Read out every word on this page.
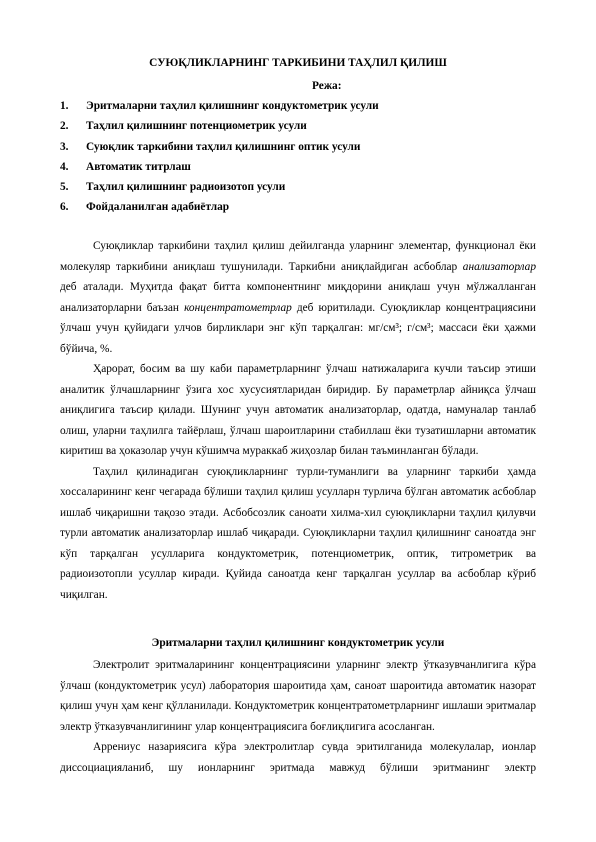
СУЮҚЛИКЛАРНИНГ ТАРКИБИНИ ТАҲЛИЛ ҚИЛИШ
Режа:
1.	Эритмаларни таҳлил қилишнинг кондуктометрик усули
2.	Таҳлил қилишнинг потенциометрик усули
3.	Суюқлик таркибини таҳлил қилишнинг оптик усули
4.	Автоматик титрлаш
5.	Таҳлил қилишнинг радиоизотоп усули
6.	Фойдаланилган адабиётлар

Суюқликлар таркибини таҳлил қилиш дейилганда уларнинг элементар, функционал ёки молекуляр таркибини аниқлаш тушунилади. Таркибни аниқлайдиган асбоблар анализаторлар деб аталади. Муҳитда фақат битта компонентнинг миқдорини аниқлаш учун мўлжалланган анализаторларни баъзан концентратометрлар деб юритилади. Суюқликлар концентрациясини ўлчаш учун қуйидаги улчов бирликлари энг кўп тарқалган: мг/см³; г/см³; массаси ёки ҳажми бўйича, %.

Ҳарорат, босим ва шу каби параметрларнинг ўлчаш натижаларига кучли таъсир этиши аналитик ўлчашларнинг ўзига хос хусусиятларидан биридир. Бу параметрлар айниқса ўлчаш аниқлигига таъсир қилади. Шунинг учун автоматик анализаторлар, одатда, намуналар танлаб олиш, уларни таҳлилга тайёрлаш, ўлчаш шароитларини стабиллаш ёки тузатишларни автоматик киритиш ва ҳоказолар учун кўшимча мураккаб жиҳозлар билан таъминланган бўлади.

Таҳлил қилинадиган суюқликларнинг турли-туманлиги ва уларнинг таркиби ҳамда хоссаларининг кенг чегарада бўлиши таҳлил қилиш усулларн турлича бўлган автоматик асбоблар ишлаб чиқаришни тақозо этади. Асбобсозлик саноати хилма-хил суюқликларни таҳлил қилувчи турли автоматик анализаторлар ишлаб чиқаради. Суюқликларни таҳлил қилишнинг саноатда энг кўп тарқалган усулларига кондуктометрик, потенциометрик, оптик, титрометрик ва радиоизотопли усуллар киради. Қуйида саноатда кенг тарқалган усуллар ва асбоблар кўриб чиқилган.

Эритмаларни таҳлил қилишнинг кондуктометрик усули

Электролит эритмаларининг концентрациясини уларнинг электр ўтказувчанлигига кўра ўлчаш (кондуктометрик усул) лаборатория шароитида ҳам, саноат шароитида автоматик назорат қилиш учун ҳам кенг қўлланилади. Кондуктометрик концентратометрларнинг ишлаши эритмалар электр ўтказувчанлигининг улар концентрациясига боғлиқлигига асосланган.

Аррениус назариясига кўра электролитлар сувда эритилганида молекулалар, ионлар диссоциацияланиб, шу ионларнинг эритмада мавжуд бўлиши эритманинг электр
